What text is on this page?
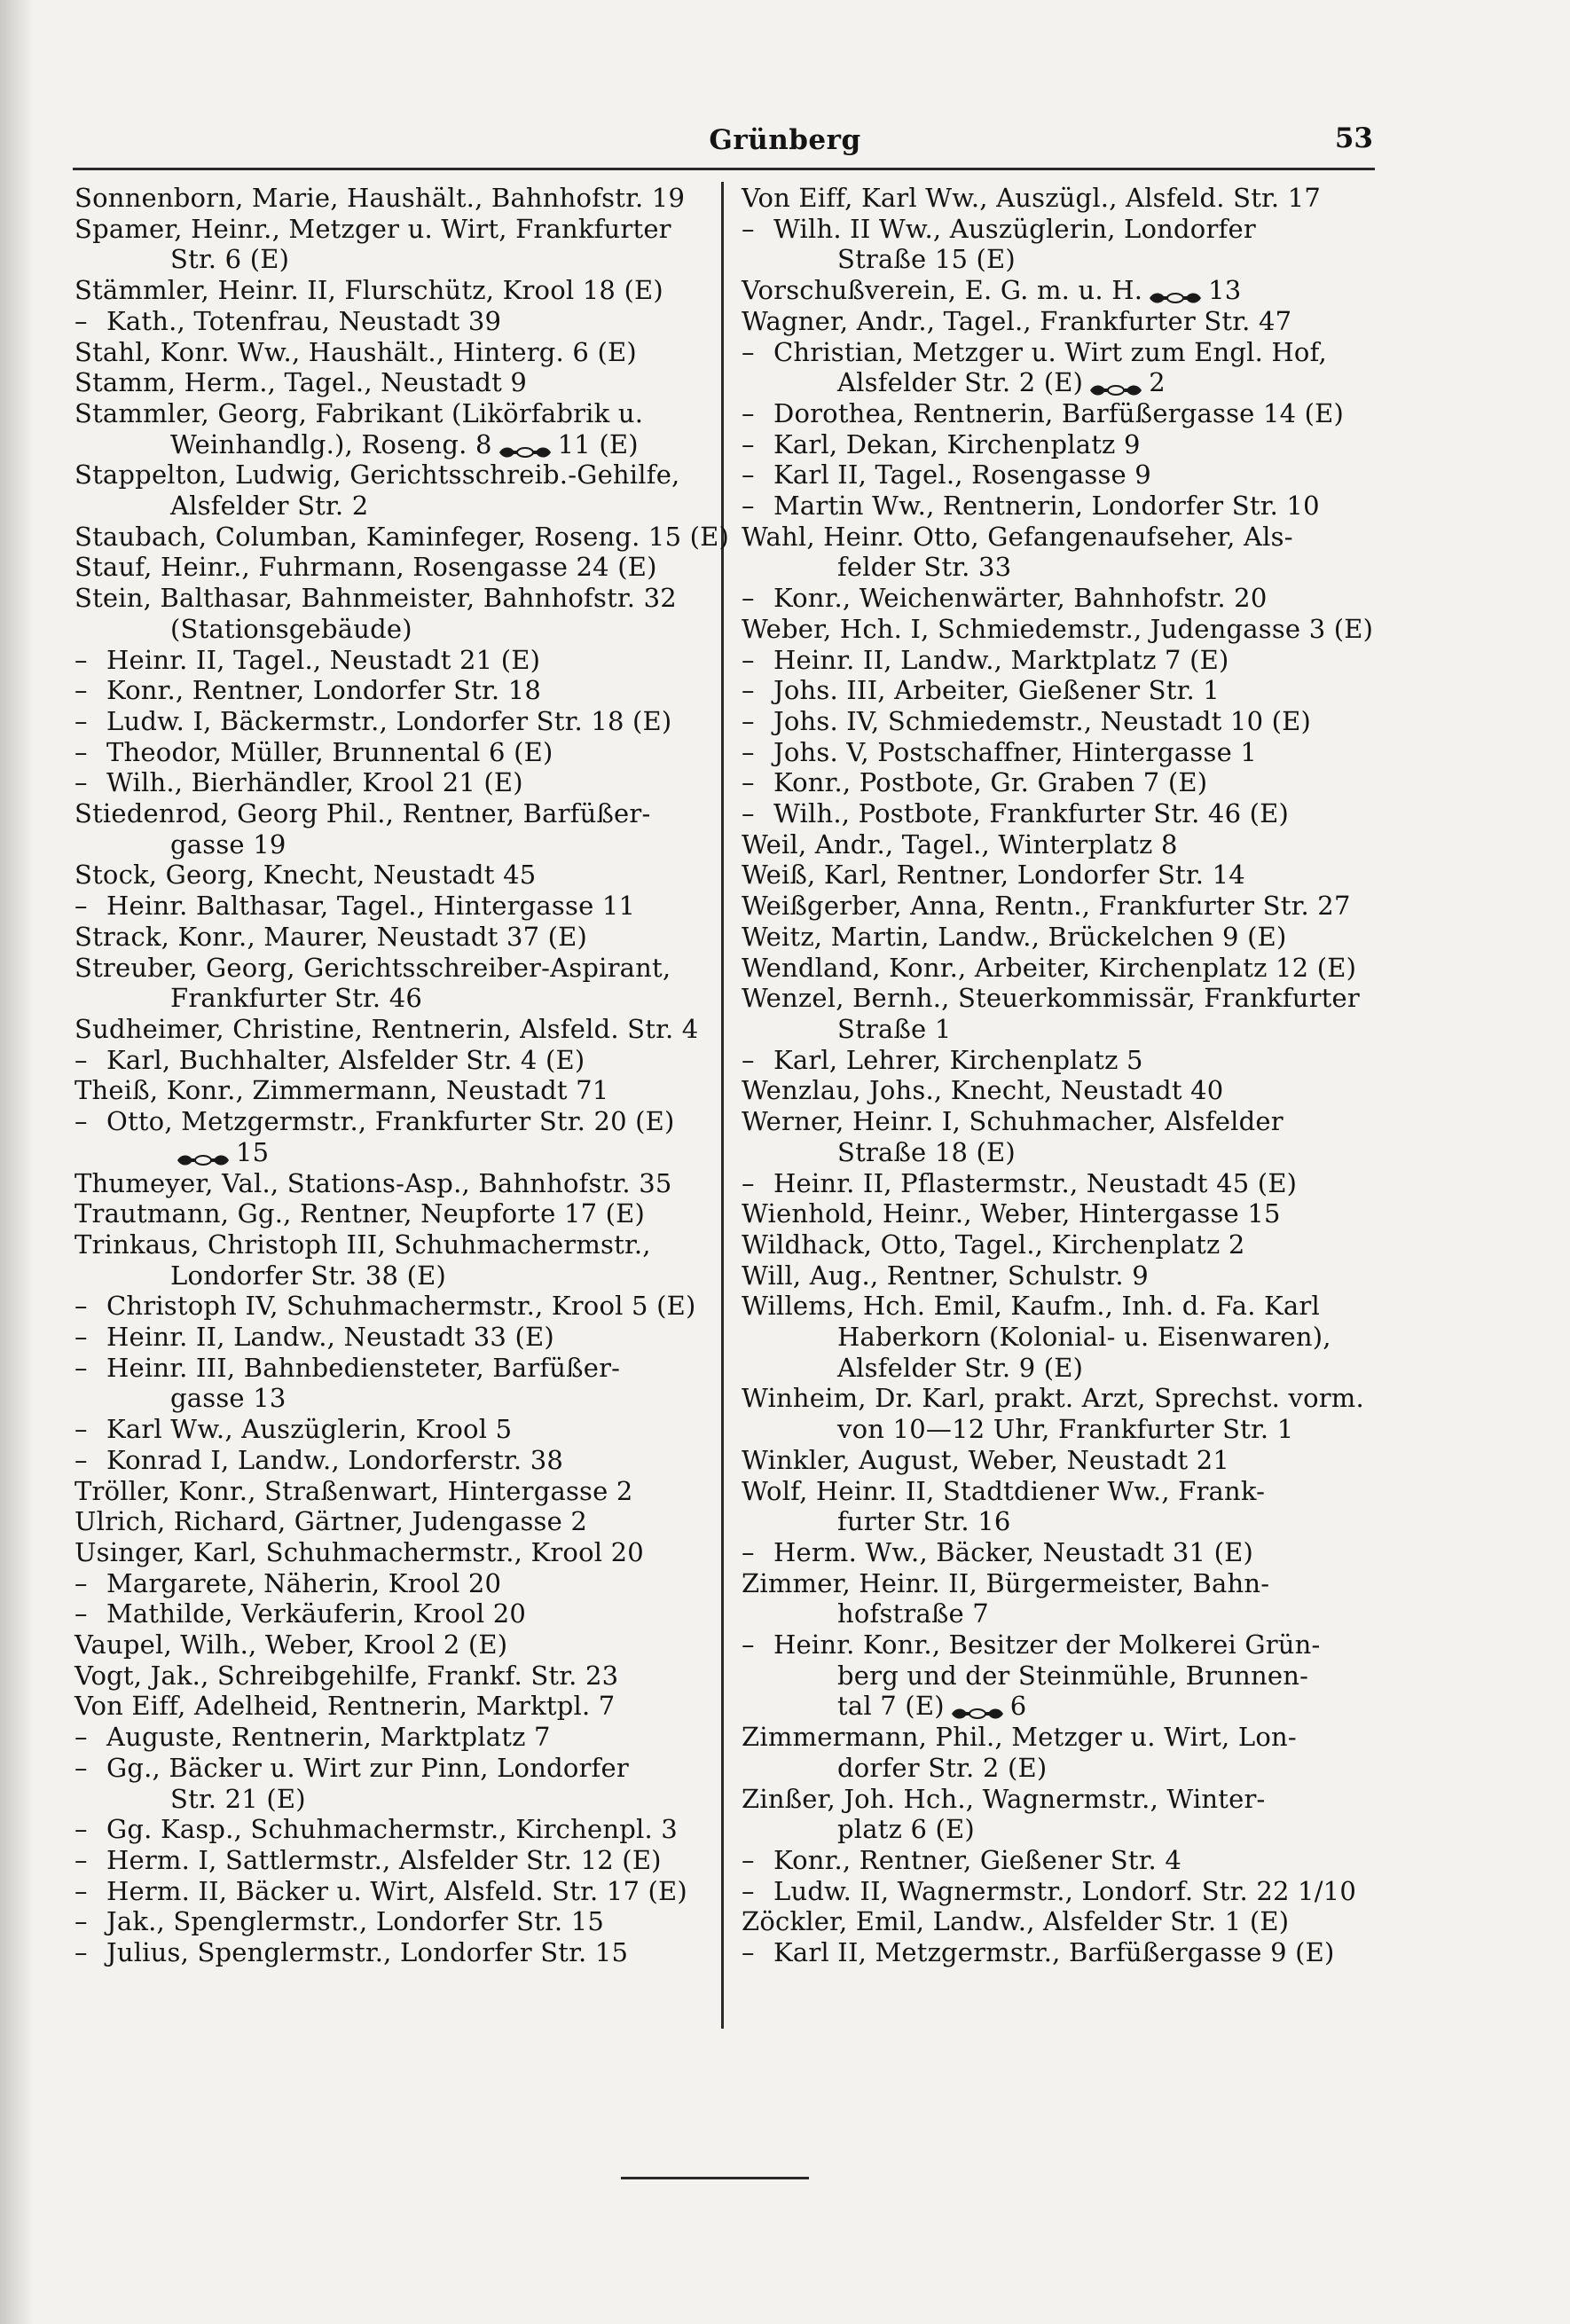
Grünberg	53
Sonnenborn, Marie, Haushält., Bahnhofstr. 19
Spamer, Heinr., Metzger u. Wirt, Frankfurter
Str. 6 (E)
Stämmler, Heinr. II, Flurschütz, Krool 18 (E)
– Kath., Totenfrau, Neustadt 39
Stahl, Konr. Ww., Haushält., Hinterg. 6 (E)
Stamm, Herm., Tagel., Neustadt 9
Stammler, Georg, Fabrikant (Likörfabrik u.
Weinhandlg.), Roseng. 8	11 (E)
Stappelton, Ludwig, Gerichtsschreib.-Gehilfe,
Alsfelder Str. 2
Staubach, Columban, Kaminfeger, Roseng. 15 (E)
Stauf, Heinr., Fuhrmann, Rosengasse 24 (E)
Stein, Balthasar, Bahnmeister, Bahnhofstr. 32
(Stationsgebäude)
– Heinr. II, Tagel., Neustadt 21 (E)
– Konr., Rentner, Londorfer Str. 18
– Ludw. I, Bäckermstr., Londorfer Str. 18 (E)
– Theodor, Müller, Brunnental 6 (E)
– Wilh., Bierhändler, Krool 21 (E)
Stiedenrod, Georg Phil., Rentner, Barfüßer-
gasse 19
Stock, Georg, Knecht, Neustadt 45
– Heinr. Balthasar, Tagel., Hintergasse 11
Strack, Konr., Maurer, Neustadt 37 (E)
Streuber, Georg, Gerichtsschreiber-Aspirant,
Frankfurter Str. 46
Sudheimer, Christine, Rentnerin, Alsfeld. Str. 4
– Karl, Buchhalter, Alsfelder Str. 4 (E)
Theiß, Konr., Zimmermann, Neustadt 71
– Otto, Metzgermstr., Frankfurter Str. 20 (E)
15
Thumeyer, Val., Stations-Asp., Bahnhofstr. 35
Trautmann, Gg., Rentner, Neupforte 17 (E)
Trinkaus, Christoph III, Schuhmachermstr.,
Londorfer Str. 38 (E)
– Christoph IV, Schuhmachermstr., Krool 5 (E)
– Heinr. II, Landw., Neustadt 33 (E)
– Heinr. III, Bahnbediensteter, Barfüßer-
gasse 13
– Karl Ww., Auszüglerin, Krool 5
– Konrad I, Landw., Londorferstr. 38
Tröller, Konr., Straßenwart, Hintergasse 2
Ulrich, Richard, Gärtner, Judengasse 2
Usinger, Karl, Schuhmachermstr., Krool 20
– Margarete, Näherin, Krool 20
– Mathilde, Verkäuferin, Krool 20
Vaupel, Wilh., Weber, Krool 2 (E)
Vogt, Jak., Schreibgehilfe, Frankf. Str. 23
Von Eiff, Adelheid, Rentnerin, Marktpl. 7
– Auguste, Rentnerin, Marktplatz 7
– Gg., Bäcker u. Wirt zur Pinn, Londorfer
Str. 21 (E)
– Gg. Kasp., Schuhmachermstr., Kirchenpl. 3
– Herm. I, Sattlermstr., Alsfelder Str. 12 (E)
– Herm. II, Bäcker u. Wirt, Alsfeld. Str. 17 (E)
– Jak., Spenglermstr., Londorfer Str. 15
– Julius, Spenglermstr., Londorfer Str. 15
Von Eiff, Karl Ww., Auszügl., Alsfeld. Str. 17
– Wilh. II Ww., Auszüglerin, Londorfer
Straße 15 (E)
Vorschußverein, E. G. m. u. H.	13
Wagner, Andr., Tagel., Frankfurter Str. 47
– Christian, Metzger u. Wirt zum Engl. Hof,
Alsfelder Str. 2 (E)	2
– Dorothea, Rentnerin, Barfüßergasse 14 (E)
– Karl, Dekan, Kirchenplatz 9
– Karl II, Tagel., Rosengasse 9
– Martin Ww., Rentnerin, Londorfer Str. 10
Wahl, Heinr. Otto, Gefangenaufseher, Als-
felder Str. 33
– Konr., Weichenwärter, Bahnhofstr. 20
Weber, Hch. I, Schmiedemstr., Judengasse 3 (E)
– Heinr. II, Landw., Marktplatz 7 (E)
– Johs. III, Arbeiter, Gießener Str. 1
– Johs. IV, Schmiedemstr., Neustadt 10 (E)
– Johs. V, Postschaffner, Hintergasse 1
– Konr., Postbote, Gr. Graben 7 (E)
– Wilh., Postbote, Frankfurter Str. 46 (E)
Weil, Andr., Tagel., Winterplatz 8
Weiß, Karl, Rentner, Londorfer Str. 14
Weißgerber, Anna, Rentn., Frankfurter Str. 27
Weitz, Martin, Landw., Brückelchen 9 (E)
Wendland, Konr., Arbeiter, Kirchenplatz 12 (E)
Wenzel, Bernh., Steuerkommissär, Frankfurter
Straße 1
– Karl, Lehrer, Kirchenplatz 5
Wenzlau, Johs., Knecht, Neustadt 40
Werner, Heinr. I, Schuhmacher, Alsfelder
Straße 18 (E)
– Heinr. II, Pflastermstr., Neustadt 45 (E)
Wienhold, Heinr., Weber, Hintergasse 15
Wildhack, Otto, Tagel., Kirchenplatz 2
Will, Aug., Rentner, Schulstr. 9
Willems, Hch. Emil, Kaufm., Inh. d. Fa. Karl
Haberkorn (Kolonial- u. Eisenwaren),
Alsfelder Str. 9 (E)
Winheim, Dr. Karl, prakt. Arzt, Sprechst. vorm.
von 10—12 Uhr, Frankfurter Str. 1
Winkler, August, Weber, Neustadt 21
Wolf, Heinr. II, Stadtdiener Ww., Frank-
furter Str. 16
– Herm. Ww., Bäcker, Neustadt 31 (E)
Zimmer, Heinr. II, Bürgermeister, Bahn-
hofstraße 7
– Heinr. Konr., Besitzer der Molkerei Grün-
berg und der Steinmühle, Brunnen-
tal 7 (E)	6
Zimmermann, Phil., Metzger u. Wirt, Lon-
dorfer Str. 2 (E)
Zinßer, Joh. Hch., Wagnermstr., Winter-
platz 6 (E)
– Konr., Rentner, Gießener Str. 4
– Ludw. II, Wagnermstr., Londorf. Str. 22 1/10
Zöckler, Emil, Landw., Alsfelder Str. 1 (E)
– Karl II, Metzgermstr., Barfüßergasse 9 (E)
